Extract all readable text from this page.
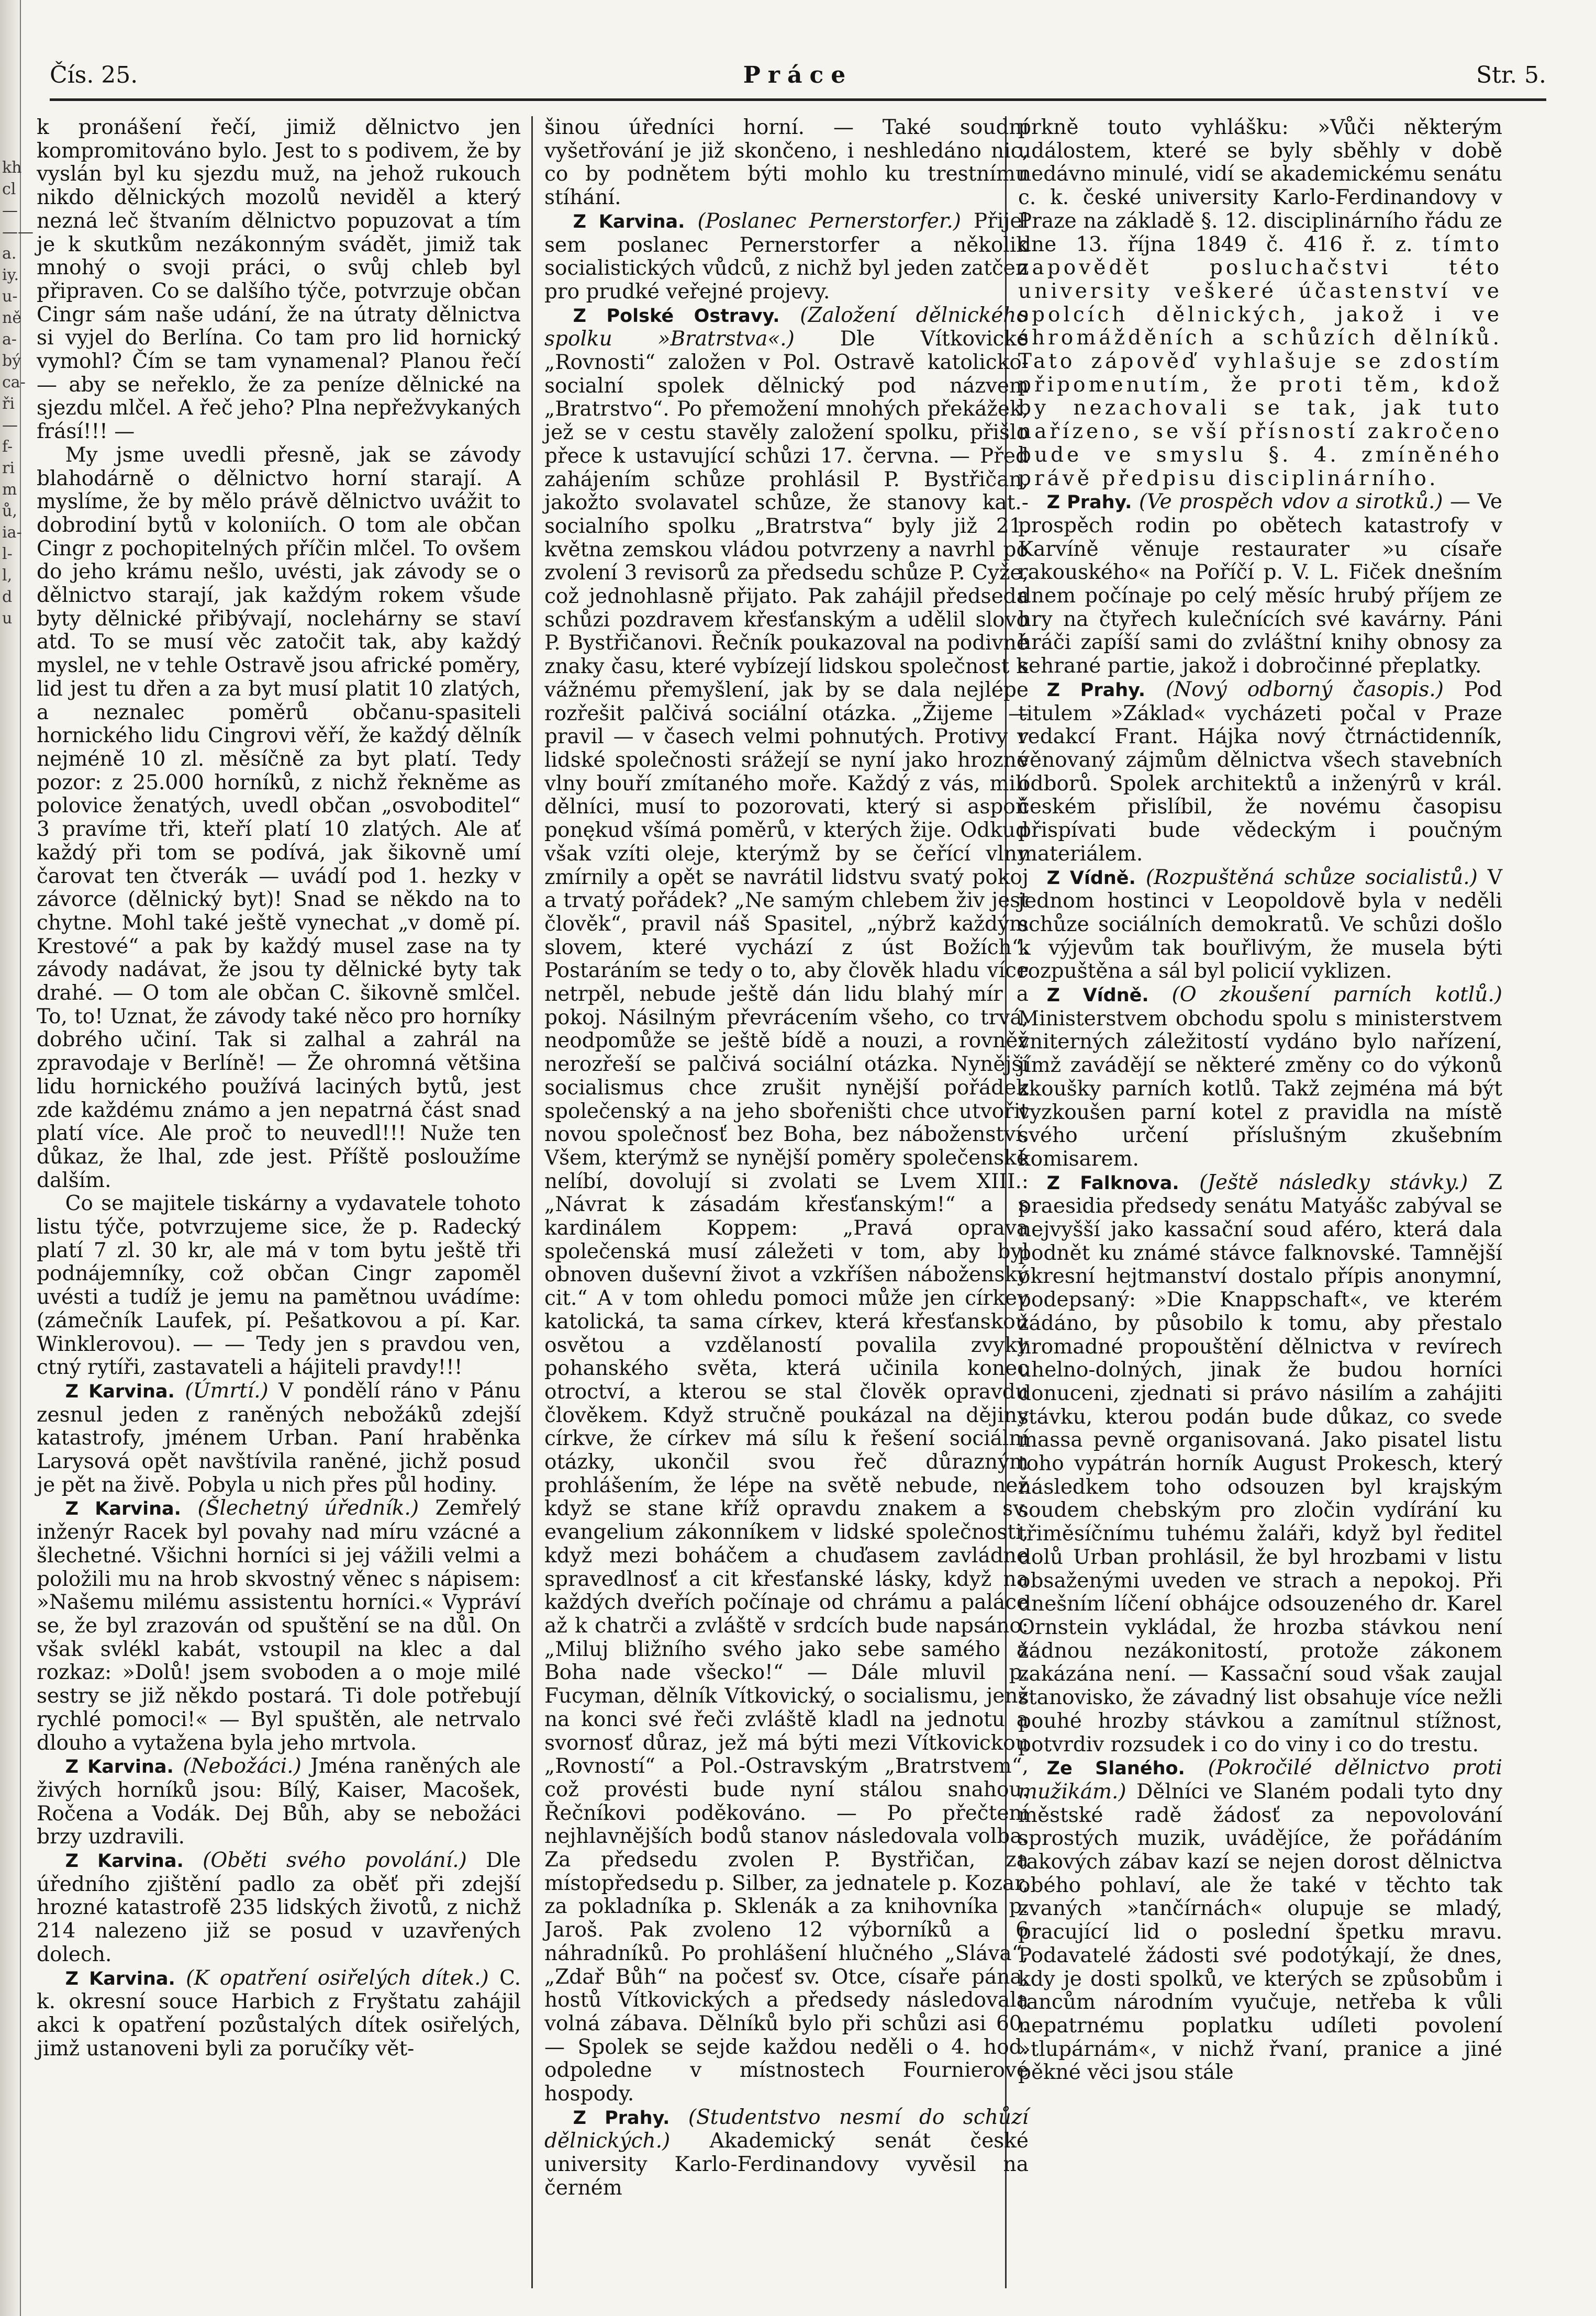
kh
cl
—
——
a.
iy.
u-
ně
a-
bý
ca-
ři
—
f-
ri
m
ů,
ia-
l-
l,
d
u
Čís. 25.	Práce	Str. 5.

k pronášení řečí, jimiž dělnictvo jen kompromitováno bylo. Jest to s podivem, že by vyslán byl ku sjezdu muž, na jehož rukouch nikdo dělnických mozolů neviděl a který nezná leč štvaním dělnictvo popuzovat a tím je k skutkům nezákonným svádět, jimiž tak mnohý o svoji práci, o svůj chleb byl připraven. Co se dalšího týče, potvrzuje občan Cingr sám naše udání, že na útraty dělnictva si vyjel do Berlína. Co tam pro lid hornický vymohl? Čím se tam vynamenal? Planou řečí — aby se neřeklo, že za peníze dělnické na sjezdu mlčel. A řeč jeho? Plna nepřežvykaných frásí!!! —

My jsme uvedli přesně, jak se závody blahodárně o dělnictvo horní starají. A myslíme, že by mělo právě dělnictvo uvážit to dobrodiní bytů v koloniích. O tom ale občan Cingr z pochopitelných příčin mlčel. To ovšem do jeho krámu nešlo, uvésti, jak závody se o dělnictvo starají, jak každým rokem všude byty dělnické přibývají, noclehárny se staví atd. To se musí věc zatočit tak, aby každý myslel, ne v tehle Ostravě jsou africké poměry, lid jest tu dřen a za byt musí platit 10 zlatých, a neznalec poměrů občanu-spasiteli hornického lidu Cingrovi věří, že každý dělník nejméně 10 zl. měsíčně za byt platí. Tedy pozor: z 25.000 horníků, z nichž řekněme as polovice ženatých, uvedl občan „osvoboditel“ 3 pravíme tři, kteří platí 10 zlatých. Ale ať každý při tom se podívá, jak šikovně umí čarovat ten čtverák — uvádí pod 1. hezky v závorce (dělnický byt)! Snad se někdo na to chytne. Mohl také ještě vynechat „v domě pí. Krestové“ a pak by každý musel zase na ty závody nadávat, že jsou ty dělnické byty tak drahé. — O tom ale občan C. šikovně smlčel. To, to! Uznat, že závody také něco pro horníky dobrého učiní. Tak si zalhal a zahrál na zpravodaje v Berlíně! — Že ohromná většina lidu hornického používá laciných bytů, jest zde každému známo a jen nepatrná část snad platí více. Ale proč to neuvedl!!! Nuže ten důkaz, že lhal, zde jest. Příště posloužíme dalším.

Co se majitele tiskárny a vydavatele tohoto listu týče, potvrzujeme sice, že p. Radecký platí 7 zl. 30 kr, ale má v tom bytu ještě tři podnájemníky, což občan Cingr zapoměl uvésti a tudíž je jemu na pamětnou uvádíme: (zámečník Laufek, pí. Pešatkovou a pí. Kar. Winklerovou). — — Tedy jen s pravdou ven, ctný rytíři, zastavateli a hájiteli pravdy!!!

Z Karvina. (Úmrtí.) V pondělí ráno v Pánu zesnul jeden z raněných nebožáků zdejší katastrofy, jménem Urban. Paní hraběnka Larysová opět navštívila raněné, jichž posud je pět na živě. Pobyla u nich přes půl hodiny.

Z Karvina. (Šlechetný úředník.) Zemřelý inženýr Racek byl povahy nad míru vzácné a šlechetné. Všichni horníci si jej vážili velmi a položili mu na hrob skvostný věnec s nápisem: »Našemu milému assistentu horníci.« Vypráví se, že byl zrazován od spuštění se na důl. On však svlékl kabát, vstoupil na klec a dal rozkaz: »Dolů! jsem svoboden a o moje milé sestry se již někdo postará. Ti dole potřebují rychlé pomoci!« — Byl spuštěn, ale netrvalo dlouho a vytažena byla jeho mrtvola.

Z Karvina. (Nebožáci.) Jména raněných ale živých horníků jsou: Bílý, Kaiser, Macošek, Ročena a Vodák. Dej Bůh, aby se nebožáci brzy uzdravili.

Z Karvina. (Oběti svého povolání.) Dle úředního zjištění padlo za oběť při zdejší hrozné katastrofě 235 lidských životů, z nichž 214 nalezeno již se posud v uzavřených dolech.

Z Karvina. (K opatření osiřelých dítek.) C. k. okresní souce Harbich z Fryštatu zahájil akci k opatření pozůstalých dítek osiřelých, jimž ustanoveni byli za poručíky vět-

šinou úředníci horní. — Také soudní vyšetřování je již skončeno, i neshledáno nic, co by podnětem býti mohlo ku trestnímu stíhání.

Z Karvina. (Poslanec Pernerstorfer.) Přijel sem poslanec Pernerstorfer a několik socialistických vůdců, z nichž byl jeden zatčen pro prudké veřejné projevy.

Z Polské Ostravy. (Založení dělnického spolku »Bratrstva«.) Dle Vítkovické „Rovnosti“ založen v Pol. Ostravě katolicko-socialní spolek dělnický pod názvem „Bratrstvo“. Po přemožení mnohých překážek, jež se v cestu stavěly založení spolku, přišlo přece k ustavující schůzi 17. června. — Před zahájením schůze prohlásil P. Bystřičan, jakožto svolavatel schůze, že stanovy kat.-socialního spolku „Bratrstva“ byly již 21. května zemskou vládou potvrzeny a navrhl po zvolení 3 revisorů za předsedu schůze P. Cyže, což jednohlasně přijato. Pak zahájil předseda schůzi pozdravem křesťanským a udělil slovo P. Bystřičanovi. Řečník poukazoval na podivné znaky času, které vybízejí lidskou společnost k vážnému přemyšlení, jak by se dala nejlépe rozřešit palčivá sociální otázka. „Žijeme — pravil — v časech velmi pohnutých. Protivy v lidské společnosti srážejí se nyní jako hrozné vlny bouří zmítaného moře. Každý z vás, milí dělníci, musí to pozorovati, který si aspoň ponękud všímá poměrů, v kterých žije. Odkud však vzíti oleje, kterýmž by se čeřící vlny zmírnily a opět se navrátil lidstvu svatý pokoj a trvatý pořádek? „Ne samým chlebem živ jest člověk“, pravil náš Spasitel, „nýbrž každým slovem, které vychází z úst Božích“. Postaráním se tedy o to, aby člověk hladu více netrpěl, nebude ještě dán lidu blahý mír a pokoj. Násilným převrácením všeho, co trvá, neodpomůže se ještě bídě a nouzi, a rovněž nerozřeší se palčivá sociální otázka. Nynější socialismus chce zrušit nynější pořádek společenský a na jeho sbořeništi chce utvořit novou společnosť bez Boha, bez náboženství. Všem, kterýmž se nynější poměry společenské nelíbí, dovolují si zvolati se Lvem XIII.: „Návrat k zásadám křesťanským!“ a s kardinálem Koppem: „Pravá oprava společenská musí záležeti v tom, aby byl obnoven duševní život a vzkříšen náboženský cit.“ A v tom ohledu pomoci může jen církev katolická, ta sama církev, která křesťanskou osvětou a vzdělaností povalila zvyky pohanského světa, která učinila konec otroctví, a kterou se stal člověk opravdu člověkem. Když stručně poukázal na dějiny církve, že církev má sílu k řešení sociální otázky, ukončil svou řeč důrazným prohlášením, že lépe na světě nebude, než když se stane kříž opravdu znakem a sv. evangelium zákonníkem v lidské společnosti, když mezi boháčem a chuďasem zavládne spravedlnosť a cit křesťanské lásky, když na každých dveřích počínaje od chrámu a paláce až k chatrči a zvláště v srdcích bude napsáno: „Miluj bližního svého jako sebe samého a Boha nade všecko!“ — Dále mluvil p. Fucyman, dělník Vítkovický, o socialismu, jenž na konci své řeči zvláště kladl na jednotu a svornosť důraz, jež má býti mezi Vítkovickou „Rovností“ a Pol.-Ostravským „Bratrstvem“, což provésti bude nyní stálou snahou. Řečníkovi poděkováno. — Po přečtení nejhlavnějších bodů stanov následovala volba. Za předsedu zvolen P. Bystřičan, za místopředsedu p. Silber, za jednatele p. Kozar, za pokladníka p. Sklenák a za knihovníka p. Jaroš. Pak zvoleno 12 výborníků a 6 náhradníků. Po prohlášení hlučného „Sláva“, „Zdař Bůh“ na počesť sv. Otce, císaře pána, hostů Vítkovických a předsedy následovala volná zábava. Dělníků bylo při schůzi asi 60. — Spolek se sejde každou neděli o 4. hod. odpoledne v místnostech Fournierové hospody.

Z Prahy. (Studentstvo nesmí do schůzí dělnických.) Akademický senát české university Karlo-Ferdinandovy vyvěsil na černém

prkně touto vyhlášku: »Vůči některým událostem, které se byly sběhly v době nedávno minulé, vidí se akademickému senátu c. k. české university Karlo-Ferdinandovy v Praze na základě §. 12. disciplinárního řádu ze dne 13. října 1849 č. 416 ř. z. tímto zapovědět posluchačstvi této university veškeré účastenství ve spolcích dělnických, jakož i ve shromážděních a schůzích dělníků. Tato zápověď vyhlašuje se zdostím připomenutím, že proti těm, kdož by nezachovali se tak, jak tuto nařízeno, se vší přísností zakročeno bude ve smyslu §. 4. zmíněného právě předpisu disciplinárního.

Z Prahy. (Ve prospěch vdov a sirotků.) — Ve prospěch rodin po obětech katastrofy v Karvíně věnuje restaurater »u císaře rakouského« na Poříčí p. V. L. Fiček dnešním dnem počínaje po celý měsíc hrubý příjem ze hry na čtyřech kulečnících své kavárny. Páni hráči zapíší sami do zvláštní knihy obnosy za sehrané partie, jakož i dobročinné přeplatky.

Z Prahy. (Nový odborný časopis.) Pod titulem »Základ« vycházeti počal v Praze redakcí Frant. Hájka nový čtrnáctidenník, věnovaný zájmům dělnictva všech stavebních odborů. Spolek architektů a inženýrů v král. českém přislíbil, že novému časopisu přispívati bude vědeckým i poučným materiálem.

Z Vídně. (Rozpuštěná schůze socialistů.) V jednom hostinci v Leopoldově byla v neděli schůze sociálních demokratů. Ve schůzi došlo k výjevům tak bouřlivým, že musela býti rozpuštěna a sál byl policií vyklizen.

Z Vídně. (O zkoušení parních kotlů.) Ministerstvem obchodu spolu s ministerstvem vniterných záležitostí vydáno bylo nařízení, jímž zavádějí se některé změny co do výkonů zkoušky parních kotlů. Takž zejména má být vyzkoušen parní kotel z pravidla na místě svého určení příslušným zkušebním komisarem.

Z Falknova. (Ještě následky stávky.) Z praesidia předsedy senátu Matyášc zabýval se nejvyšší jako kassační soud aféro, která dala podnět ku známé stávce falknovské. Tamnější okresní hejtmanství dostalo přípis anonymní, podepsaný: »Die Knappschaft«, ve kterém žádáno, by působilo k tomu, aby přestalo hromadné propouštění dělnictva v revírech uhelno-dolných, jinak že budou horníci donuceni, zjednati si právo násilím a zahájiti stávku, kterou podán bude důkaz, co svede massa pevně organisovaná. Jako pisatel listu toho vypátrán horník August Prokesch, který následkem toho odsouzen byl krajským soudem chebským pro zločin vydírání ku třiměsíčnímu tuhému žaláři, když byl ředitel dolů Urban prohlásil, že byl hrozbami v listu obsaženými uveden ve strach a nepokoj. Při dnešním líčení obhájce odsouzeného dr. Karel Ornstein vykládal, že hrozba stávkou není žádnou nezákonitostí, protože zákonem zakázána není. — Kassační soud však zaujal stanovisko, že závadný list obsahuje více nežli pouhé hrozby stávkou a zamítnul stížnost, potvrdiv rozsudek i co do viny i co do trestu.

Ze Slaného. (Pokročilé dělnictvo proti mužikám.) Dělníci ve Slaném podali tyto dny městské radě žádosť za nepovolování sprostých muzik, uvádějíce, že pořádáním takových zábav kazí se nejen dorost dělnictva obého pohlaví, ale že také v těchto tak zvaných »tančírnách« olupuje se mladý, pracující lid o poslední špetku mravu. Podavatelé žádosti své podotýkají, že dnes, kdy je dosti spolků, ve kterých se způsobům i tancům národním vyučuje, netřeba k vůli nepatrnému poplatku udíleti povolení »tlupárnám«, v nichž řvaní, pranice a jiné pěkné věci jsou stále
